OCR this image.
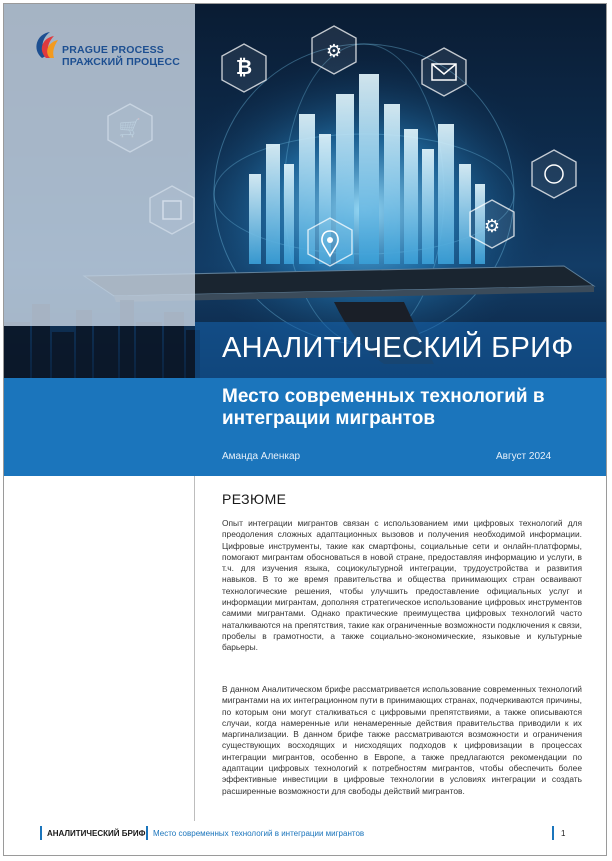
₿
⚙
⚙
PRAGUE PROCESS
ПРАЖСКИЙ ПРОЦЕСС
АНАЛИТИЧЕСКИЙ БРИФ
Место современных технологий в интеграции мигрантов
Аманда Аленкар	Август 2024
РЕЗЮМЕ

Опыт интеграции мигрантов связан с использованием ими цифровых технологий для преодоления сложных адаптационных вызовов и получения необходимой информации. Цифровые инструменты, такие как смартфоны, социальные сети и онлайн-платформы, помогают мигрантам обосноваться в новой стране, предоставляя информацию и услуги, в т.ч. для изучения языка, социокультурной интеграции, трудоустройства и развития навыков. В то же время правительства и общества принимающих стран осваивают технологические решения, чтобы улучшить предоставление официальных услуг и информации мигрантам, дополняя стратегическое использование цифровых инструментов самими мигрантами. Однако практические преимущества цифровых технологий часто наталкиваются на препятствия, такие как ограниченные возможности подключения к связи, пробелы в грамотности, а также социально-экономические, языковые и культурные барьеры.

В данном Аналитическом брифе рассматривается использование современных технологий мигрантами на их интеграционном пути в принимающих странах, подчеркиваются причины, по которым они могут сталкиваться с цифровыми препятствиями, а также описываются случаи, когда намеренные или ненамеренные действия правительства приводили к их маргинализации. В данном брифе также рассматриваются возможности и ограничения существующих восходящих и нисходящих подходов к цифровизации в процессах интеграции мигрантов, особенно в Европе, а также предлагаются рекомендации по адаптации цифровых технологий к потребностям мигрантов, чтобы обеспечить более эффективные инвестиции в цифровые технологии в условиях интеграции и создать расширенные возможности для свободы действий мигрантов.

АНАЛИТИЧЕСКИЙ БРИФ Место современных технологий в интеграции мигрантов	1
